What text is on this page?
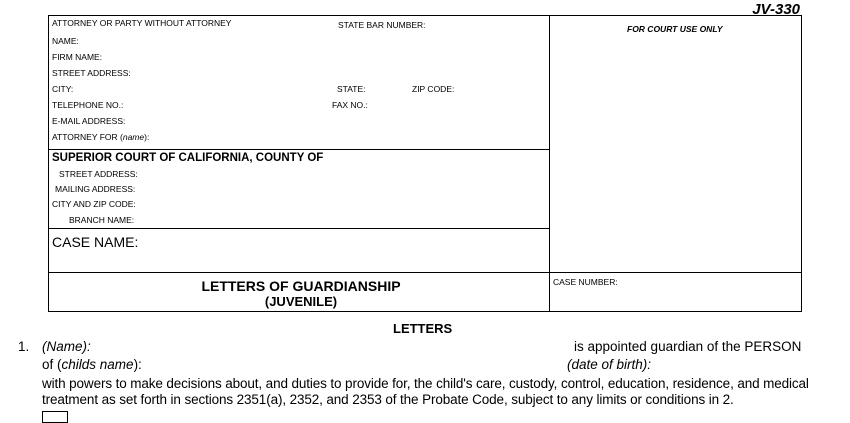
JV-330
ATTORNEY OR PARTY WITHOUT ATTORNEY	STATE BAR NUMBER:
NAME:
FIRM NAME:
STREET ADDRESS:
CITY:	STATE:	ZIP CODE:
TELEPHONE NO.:	FAX NO.:
E-MAIL ADDRESS:
ATTORNEY FOR (name):
FOR COURT USE ONLY
SUPERIOR COURT OF CALIFORNIA, COUNTY OF
STREET ADDRESS:
MAILING ADDRESS:
CITY AND ZIP CODE:
BRANCH NAME:
CASE NAME:
LETTERS OF GUARDIANSHIP
(JUVENILE)
CASE NUMBER:
LETTERS
1. (Name):	is appointed guardian of the PERSON
of (childs name):	(date of birth):
with powers to make decisions about, and duties to provide for, the child's care, custody, control, education, residence, and medical
treatment as set forth in sections 2351(a), 2352, and 2353 of the Probate Code, subject to any limits or conditions in 2.
